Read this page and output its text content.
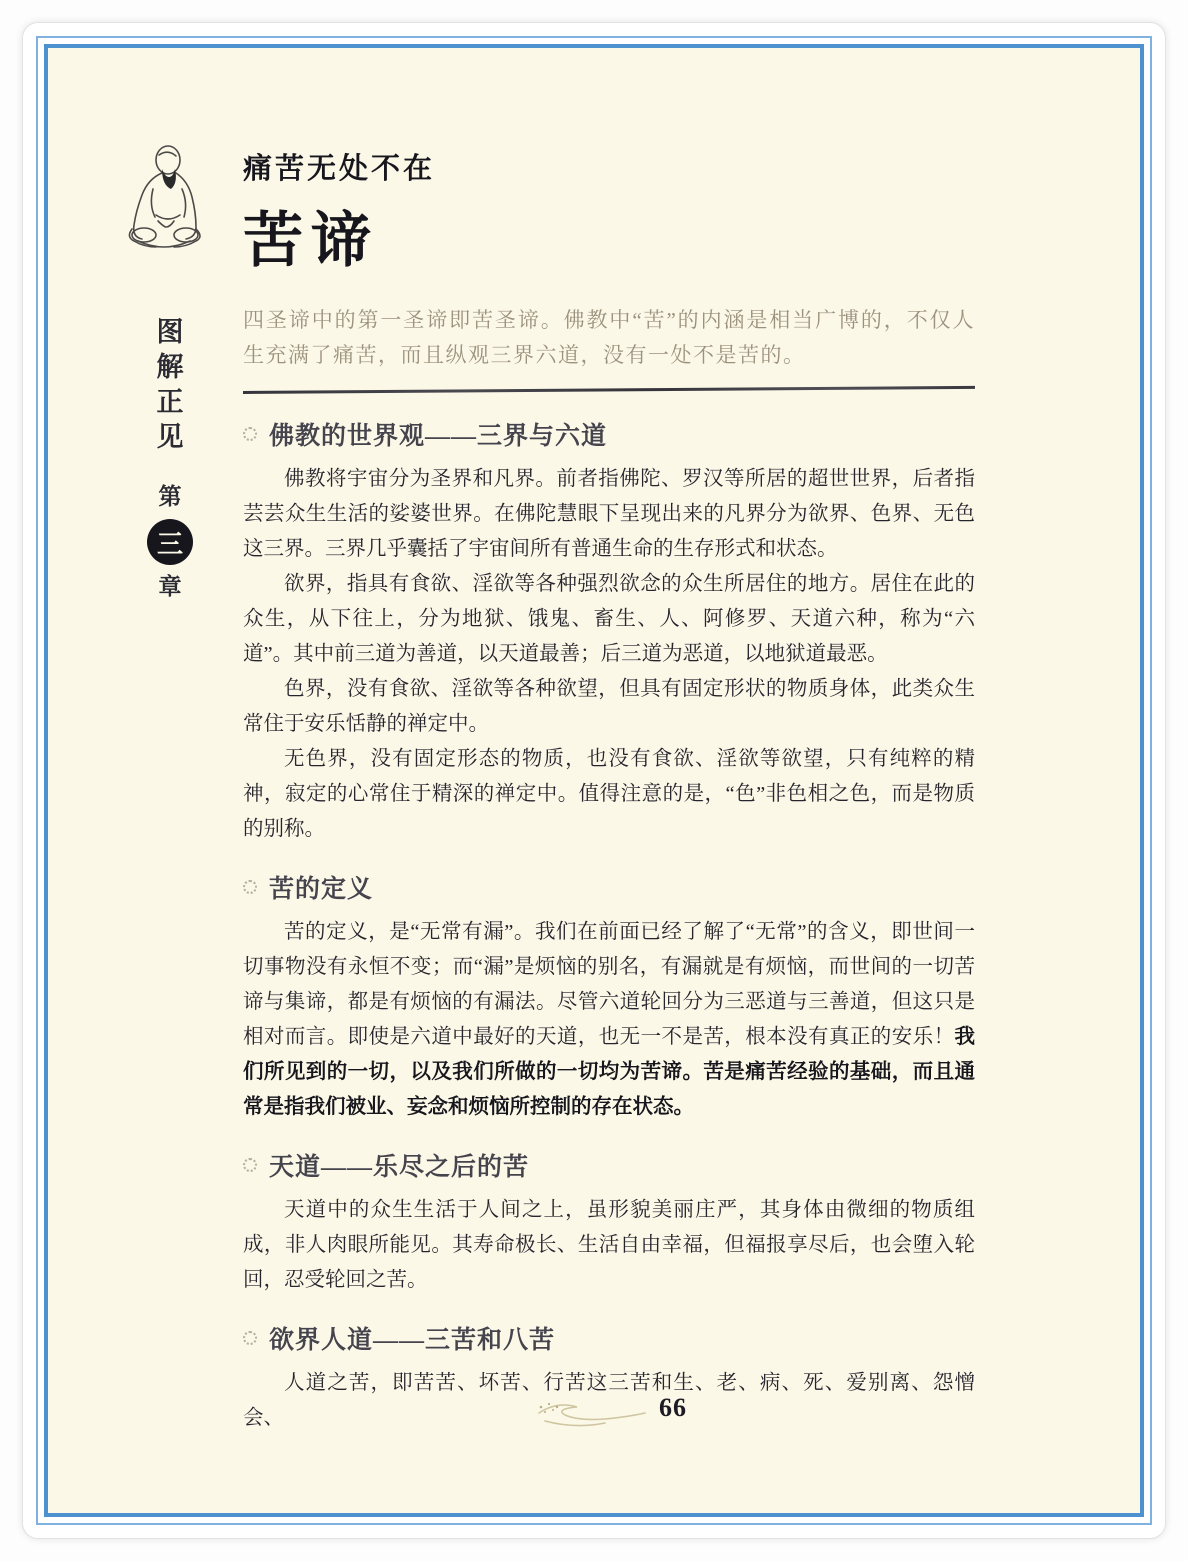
图
解
正
见
第
三
章
痛苦无处不在
苦谛
四圣谛中的第一圣谛即苦圣谛。佛教中“苦”的内涵是相当广博的，不仅人生充满了痛苦，而且纵观三界六道，没有一处不是苦的。
佛教的世界观——三界与六道

佛教将宇宙分为圣界和凡界。前者指佛陀、罗汉等所居的超世世界，后者指芸芸众生生活的娑婆世界。在佛陀慧眼下呈现出来的凡界分为欲界、色界、无色这三界。三界几乎囊括了宇宙间所有普通生命的生存形式和状态。

欲界，指具有食欲、淫欲等各种强烈欲念的众生所居住的地方。居住在此的众生，从下往上，分为地狱、饿鬼、畜生、人、阿修罗、天道六种，称为“六道”。其中前三道为善道，以天道最善；后三道为恶道，以地狱道最恶。

色界，没有食欲、淫欲等各种欲望，但具有固定形状的物质身体，此类众生常住于安乐恬静的禅定中。

无色界，没有固定形态的物质，也没有食欲、淫欲等欲望，只有纯粹的精神，寂定的心常住于精深的禅定中。值得注意的是，“色”非色相之色，而是物质的别称。

苦的定义

苦的定义，是“无常有漏”。我们在前面已经了解了“无常”的含义，即世间一切事物没有永恒不变；而“漏”是烦恼的别名，有漏就是有烦恼，而世间的一切苦谛与集谛，都是有烦恼的有漏法。尽管六道轮回分为三恶道与三善道，但这只是相对而言。即使是六道中最好的天道，也无一不是苦，根本没有真正的安乐！我们所见到的一切，以及我们所做的一切均为苦谛。苦是痛苦经验的基础，而且通常是指我们被业、妄念和烦恼所控制的存在状态。

天道——乐尽之后的苦

天道中的众生生活于人间之上，虽形貌美丽庄严，其身体由微细的物质组成，非人肉眼所能见。其寿命极长、生活自由幸福，但福报享尽后，也会堕入轮回，忍受轮回之苦。

欲界人道——三苦和八苦

人道之苦，即苦苦、坏苦、行苦这三苦和生、老、病、死、爱别离、怨憎会、	66
